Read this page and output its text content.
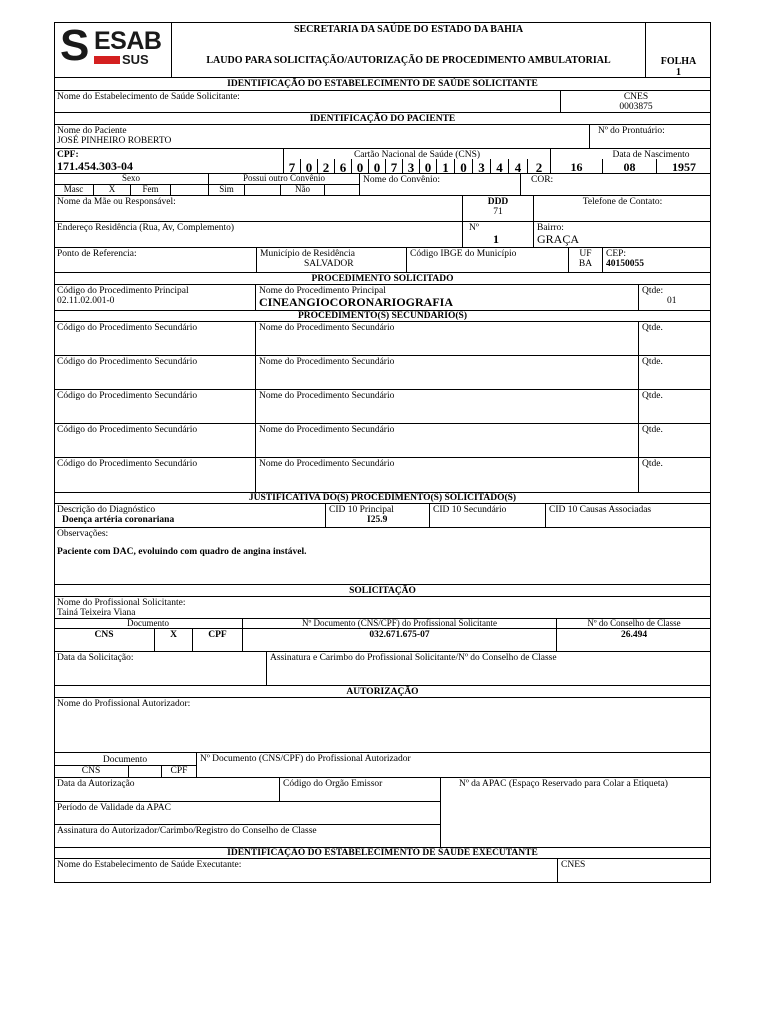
S ESAB
SUS
SECRETARIA DA SAÚDE DO ESTADO DA BAHIA
LAUDO PARA SOLICITAÇÃO/AUTORIZAÇÃO DE PROCEDIMENTO AMBULATORIAL	FOLHA
1
IDENTIFICAÇÃO DO ESTABELECIMENTO DE SAÚDE SOLICITANTE
Nome do Estabelecimento de Saúde Solicitante:	CNES
0003875
IDENTIFICAÇÃO DO PACIENTE
Nome do Paciente
JOSÉ PINHEIRO ROBERTO
Nº do Prontuário:
CPF:
171.454.303-04
Cartão Nacional de Saúde (CNS)
7 0 2 6 0 0 7 3 0 1 0 3 4 4	2
Data de Nascimento
16	08	1957
Sexo	Possui outro Convênio	Nome do Convênio:	COR:
Masc	X	Fem	Sim	Não
Nome da Mãe ou Responsável:	DDD
71
Telefone de Contato:
Endereço Residência (Rua, Av, Complemento)	Nº
1
Bairro:
GRAÇA
Ponto de Referencia:	Município de Residência
SALVADOR
Código IBGE do Município	UF
BA
CEP:
40150055
PROCEDIMENTO SOLICITADO
Código do Procedimento Principal
02.11.02.001-0
Nome do Procedimento Principal
CINEANGIOCORONARIOGRAFIA
Qtde:
01
PROCEDIMENTO(S) SECUNDÁRIO(S)
Código do Procedimento Secundário	Nome do Procedimento Secundário	Qtde.
Código do Procedimento Secundário	Nome do Procedimento Secundário	Qtde.
Código do Procedimento Secundário	Nome do Procedimento Secundário	Qtde.
Código do Procedimento Secundário	Nome do Procedimento Secundário	Qtde.
Código do Procedimento Secundário	Nome do Procedimento Secundário	Qtde.
JUSTIFICATIVA DO(S) PROCEDIMENTO(S) SOLICITADO(S)
Descrição do Diagnóstico
Doença artéria coronariana
CID 10 Principal
I25.9
CID 10 Secundário	CID 10 Causas Associadas
Observações:
Paciente com DAC, evoluindo com quadro de angina instável.
SOLICITAÇÃO
Nome do Profissional Solicitante:
Tainá Teixeira Viana
Documento	Nº Documento (CNS/CPF) do Profissional Solicitante	Nº do Conselho de Classe
CNS	X	CPF	032.671.675-07	26.494
Data da Solicitação:	Assinatura e Carimbo do Profissional Solicitante/Nº do Conselho de Classe
AUTORIZAÇÃO
Nome do Profissional Autorizador:
Documento	Nº Documento (CNS/CPF) do Profissional Autorizador
CNS	CPF
Data da Autorização	Código do Orgão Emissor	Nº da APAC (Espaço Reservado para Colar a Etiqueta)
Período de Validade da APAC
Assinatura do Autorizador/Carimbo/Registro do Conselho de Classe
IDENTIFICAÇÃO DO ESTABELECIMENTO DE SAÚDE EXECUTANTE
Nome do Estabelecimento de Saúde Executante:	CNES
